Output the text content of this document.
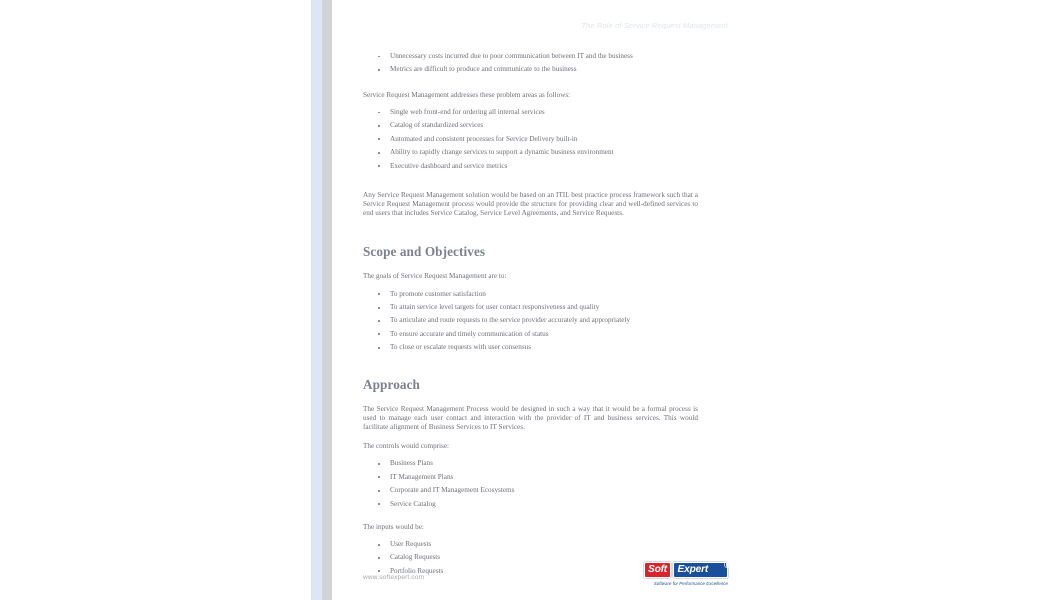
The Role of Service Request Management
Unnecessary costs incurred due to poor communication between IT and the business
Metrics are difficult to produce and communicate to the business

Service Request Management addresses these problem areas as follows:

Single web front-end for ordering all internal services
Catalog of standardized services
Automated and consistent processes for Service Delivery built-in
Ability to rapidly change services to support a dynamic business environment
Executive dashboard and service metrics

Any Service Request Management solution would be based on an ITIL best practice process framework such that a Service Request Management process would provide the structure for providing clear and well-defined services to end users that includes Service Catalog, Service Level Agreements, and Service Requests.

Scope and Objectives

The goals of Service Request Management are to:

To promote customer satisfaction
To attain service level targets for user contact responsiveness and quality
To articulate and route requests to the service provider accurately and appropriately
To ensure accurate and timely communication of status
To close or escalate requests with user consensus
Approach

The Service Request Management Process would be designed in such a way that it would be a formal process is used to manage each user contact and interaction with the provider of IT and business services. This would facilitate alignment of Business Services to IT Services.

The controls would comprise:

Business Plans
IT Management Plans
Corporate and IT Management Ecosystems
Service Catalog

The inputs would be:

User Requests
Catalog Requests
Portfolio Requests
www.softexpert.com
Soft Expert ®
Software for Performance Excellence
